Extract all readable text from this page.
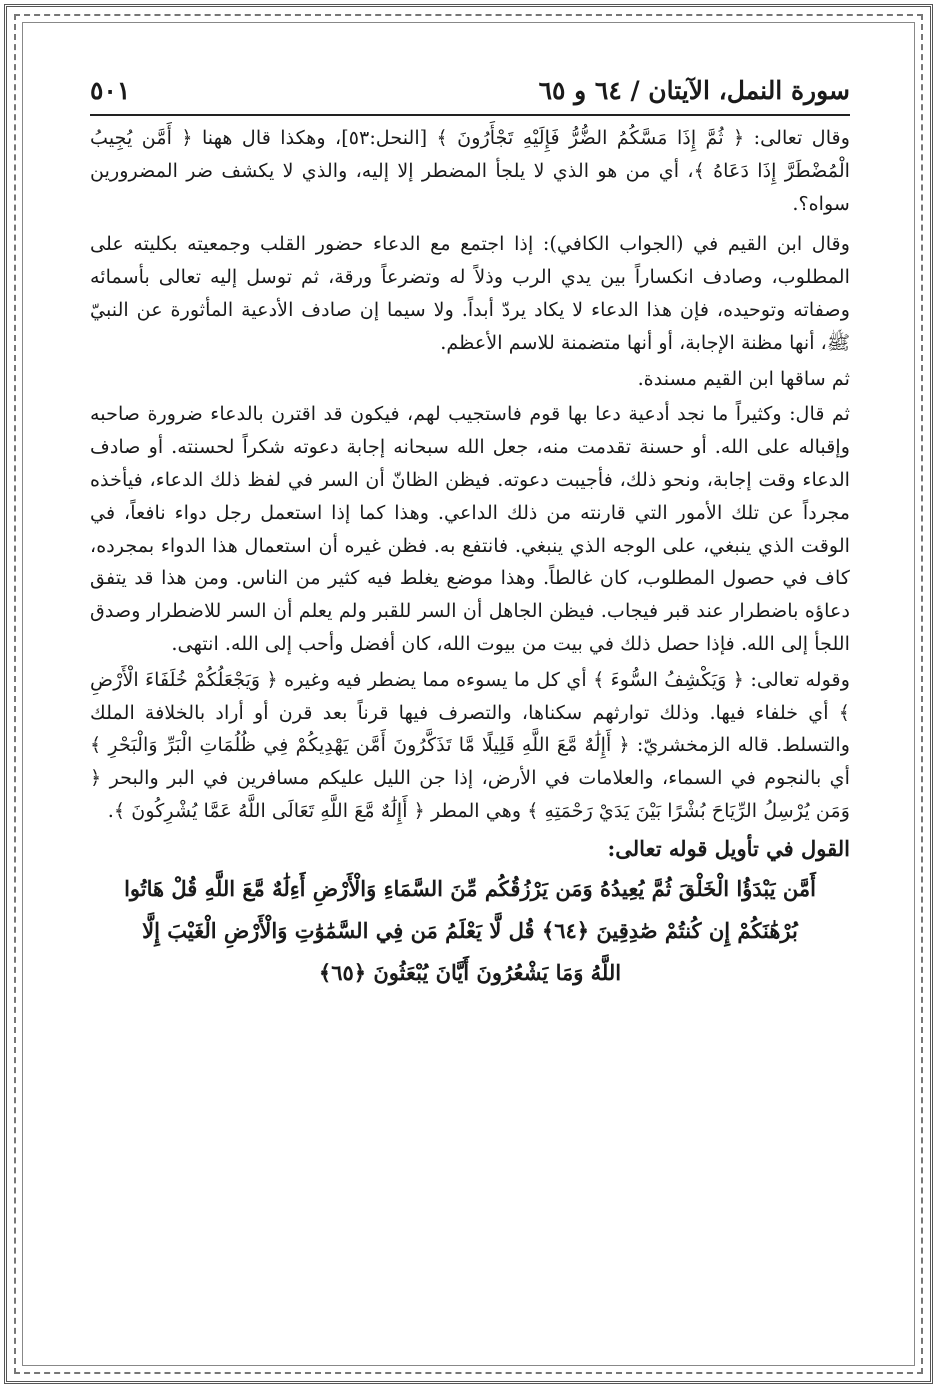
سورة النمل، الآيتان / ٦٤ و ٦٥
٥٠١

وقال تعالى: ﴿ ثُمَّ إِذَا مَسَّكُمُ الضُّرُّ فَإِلَيْهِ تَجْأَرُونَ ﴾ [النحل:٥٣]، وهكذا قال ههنا ﴿ أَمَّن يُجِيبُ الْمُضْطَرَّ إِذَا دَعَاهُ ﴾، أي من هو الذي لا يلجأ المضطر إلا إليه، والذي لا يكشف ضر المضرورين سواه؟.

وقال ابن القيم في (الجواب الكافي): إذا اجتمع مع الدعاء حضور القلب وجمعيته بكليته على المطلوب، وصادف انكساراً بين يدي الرب وذلاً له وتضرعاً ورقة، ثم توسل إليه تعالى بأسمائه وصفاته وتوحيده، فإن هذا الدعاء لا يكاد يردّ أبداً. ولا سيما إن صادف الأدعية المأثورة عن النبيّ ﷺ، أنها مظنة الإجابة، أو أنها متضمنة للاسم الأعظم.

ثم ساقها ابن القيم مسندة.

ثم قال: وكثيراً ما نجد أدعية دعا بها قوم فاستجيب لهم، فيكون قد اقترن بالدعاء ضرورة صاحبه وإقباله على الله. أو حسنة تقدمت منه، جعل الله سبحانه إجابة دعوته شكراً لحسنته. أو صادف الدعاء وقت إجابة، ونحو ذلك، فأجيبت دعوته. فيظن الظانّ أن السر في لفظ ذلك الدعاء، فيأخذه مجرداً عن تلك الأمور التي قارنته من ذلك الداعي. وهذا كما إذا استعمل رجل دواء نافعاً، في الوقت الذي ينبغي، على الوجه الذي ينبغي. فانتفع به. فظن غيره أن استعمال هذا الدواء بمجرده، كاف في حصول المطلوب، كان غالطاً. وهذا موضع يغلط فيه كثير من الناس. ومن هذا قد يتفق دعاؤه باضطرار عند قبر فيجاب. فيظن الجاهل أن السر للقبر ولم يعلم أن السر للاضطرار وصدق اللجأ إلى الله. فإذا حصل ذلك في بيت من بيوت الله، كان أفضل وأحب إلى الله. انتهى.

وقوله تعالى: ﴿ وَيَكْشِفُ السُّوءَ ﴾ أي كل ما يسوءه مما يضطر فيه وغيره ﴿ وَيَجْعَلُكُمْ خُلَفَاءَ الْأَرْضِ ﴾ أي خلفاء فيها. وذلك توارثهم سكناها، والتصرف فيها قرناً بعد قرن أو أراد بالخلافة الملك والتسلط. قاله الزمخشريّ: ﴿ أَإِلَٰهٌ مَّعَ اللَّهِ قَلِيلًا مَّا تَذَكَّرُونَ أَمَّن يَهْدِيكُمْ فِي ظُلُمَاتِ الْبَرِّ وَالْبَحْرِ ﴾ أي بالنجوم في السماء، والعلامات في الأرض، إذا جن الليل عليكم مسافرين في البر والبحر ﴿ وَمَن يُرْسِلُ الرِّيَاحَ بُشْرًا بَيْنَ يَدَيْ رَحْمَتِهِ ﴾ وهي المطر ﴿ أَإِلَٰهٌ مَّعَ اللَّهِ تَعَالَى اللَّهُ عَمَّا يُشْرِكُونَ ﴾.

القول في تأويل قوله تعالى:
أَمَّن يَبْدَؤُا الْخَلْقَ ثُمَّ يُعِيدُهُ وَمَن يَرْزُقُكُم مِّنَ السَّمَاءِ وَالْأَرْضِ أَءِلَٰهٌ مَّعَ اللَّهِ قُلْ هَاتُوا
بُرْهَٰنَكُمْ إِن كُنتُمْ صَٰدِقِينَ ﴿٦٤﴾ قُل لَّا يَعْلَمُ مَن فِي السَّمَٰوَٰتِ وَالْأَرْضِ الْغَيْبَ إِلَّا
اللَّهُ وَمَا يَشْعُرُونَ أَيَّانَ يُبْعَثُونَ ﴿٦٥﴾
